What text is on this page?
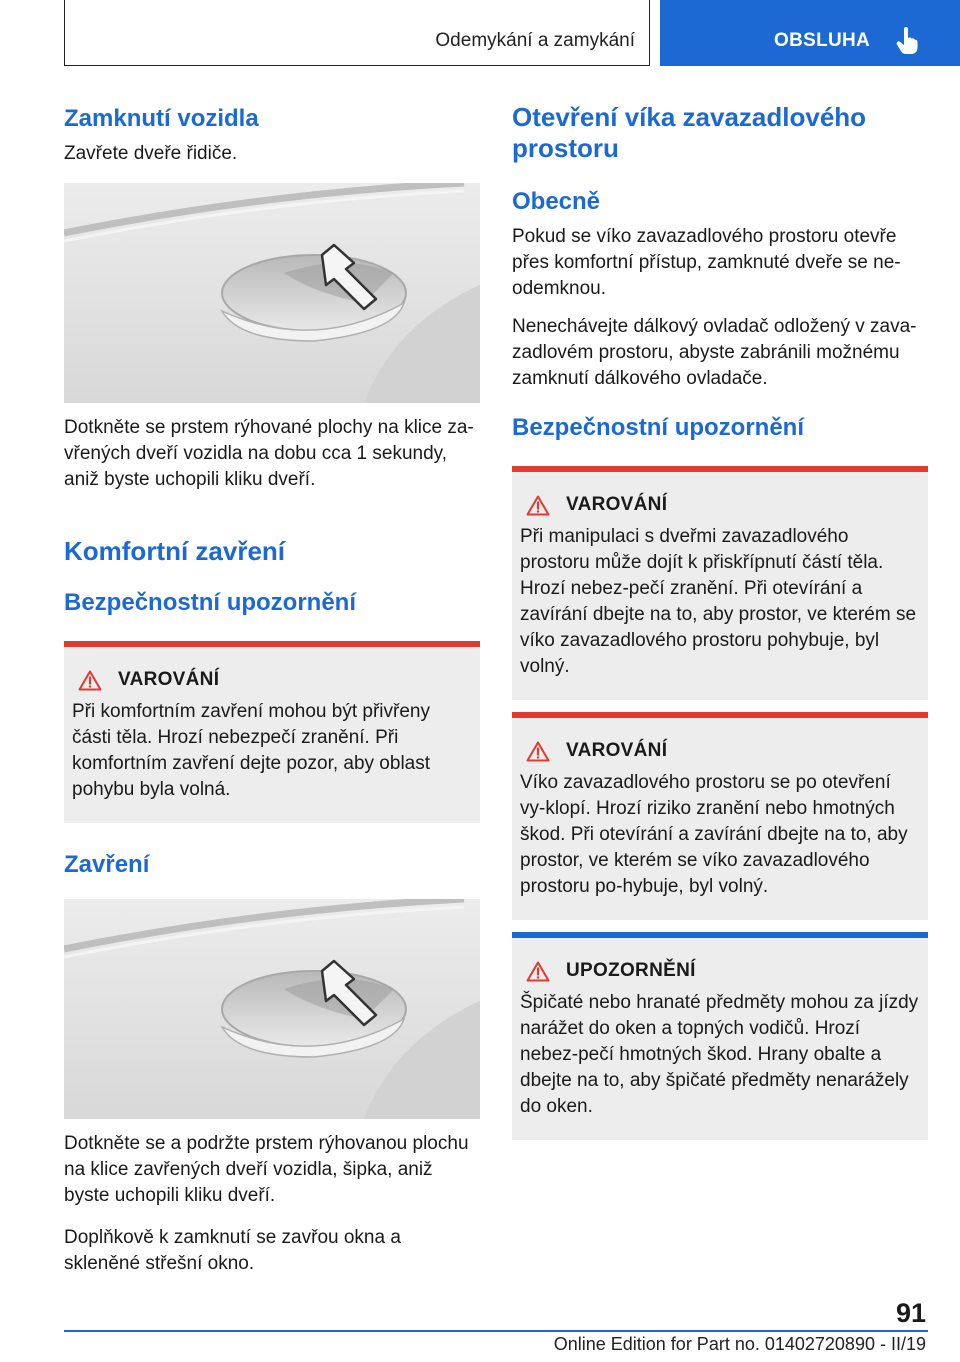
Odemykání a zamykání	OBSLUHA
Zamknutí vozidla

Zavřete dveře řidiče.

Dotkněte se prstem rýhované plochy na klice za-vřených dveří vozidla na dobu cca 1 sekundy, aniž byste uchopili kliku dveří.

Komfortní zavření
Bezpečnostní upozornění
VAROVÁNÍ

Při komfortním zavření mohou být přivřeny části těla. Hrozí nebezpečí zranění. Při komfortním zavření dejte pozor, aby oblast pohybu byla volná.

Zavření

Dotkněte se a podržte prstem rýhovanou plochu na klice zavřených dveří vozidla, šipka, aniž byste uchopili kliku dveří.

Doplňkově k zamknutí se zavřou okna a skleněné střešní okno.

Otevření víka zavazadlového prostoru
Obecně

Pokud se víko zavazadlového prostoru otevře přes komfortní přístup, zamknuté dveře se ne-odemknou.

Nenechávejte dálkový ovladač odložený v zava-zadlovém prostoru, abyste zabránili možnému zamknutí dálkového ovladače.

Bezpečnostní upozornění
VAROVÁNÍ

Při manipulaci s dveřmi zavazadlového prostoru může dojít k přiskřípnutí částí těla. Hrozí nebez-pečí zranění. Při otevírání a zavírání dbejte na to, aby prostor, ve kterém se víko zavazadlového prostoru pohybuje, byl volný.

VAROVÁNÍ

Víko zavazadlového prostoru se po otevření vy-klopí. Hrozí riziko zranění nebo hmotných škod. Při otevírání a zavírání dbejte na to, aby prostor, ve kterém se víko zavazadlového prostoru po-hybuje, byl volný.

UPOZORNĚNÍ

Špičaté nebo hranaté předměty mohou za jízdy narážet do oken a topných vodičů. Hrozí nebez-pečí hmotných škod. Hrany obalte a dbejte na to, aby špičaté předměty nenarážely do oken.

91
Online Edition for Part no. 01402720890 - II/19
